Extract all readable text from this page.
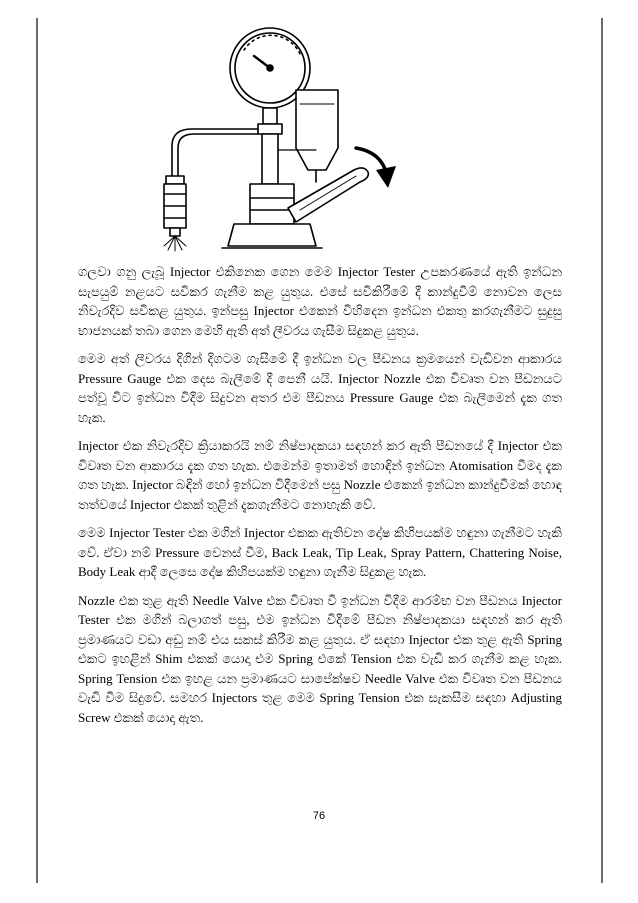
ගලවා ගනු ලැබූ Injector එකිනෙක ගෙන මෙම Injector Tester උපකරණයේ ඇති ඉන්ධන සැපයුම් නළයට සවිකර ගැනීම කළ යුතුය. එසේ සවිකිරීමේ දී කාන්දුවීම් නොවන ලෙස නිවැරදිව සවිකළ යුතුය. ඉන්පසු Injector එකෙන් විහිදෙන ඉන්ධන එකතු කරගැනීමට සුදුසු භාජනයක් තබා ගෙන මෙහි ඇති අත් ලීවරය ගැසීම සිදුකළ යුතුය.

මෙම අත් ලීවරය දිගින් දිගටම ගැසීමේ දී ඉන්ධන වල පීඩනය ක්‍රමයෙන් වැඩිවන ආකාරය Pressure Gauge එක දෙස බැලීමේ දී පෙනී යයි. Injector Nozzle එක විවෘත වන පීඩනයට පත්වූ විට ඉන්ධන විදීම සිදුවන අතර එම පීඩනය Pressure Gauge එක බැලීමෙන් දැක ගත හැක.

Injector එක නිවැරදිව ක්‍රියාකරයි නම් නිෂ්පාදකයා සඳහන් කර ඇති පීඩනයේ දී Injector එක විවෘත වන ආකාරය දැක ගත හැක. එමෙන්ම ඉතාමත් හොඳින් ඉන්ධන Atomisation වීමද දැක ගත හැක. Injector බඳින් හෝ ඉන්ධන විදීමෙන් පසු Nozzle එකෙන් ඉන්ධන කාන්දුවීමක් හොඳ තත්වයේ Injector එකක් තුළින් දැකගැනීමට නොහැකි වේ.

මෙම Injector Tester එක මගින් Injector එකක ඇතිවන දෝෂ කිහිපයක්ම හඳුනා ගැනීමට හැකි වේ. ඒවා නම් Pressure වෙනස් වීම, Back Leak, Tip Leak, Spray Pattern, Chattering Noise, Body Leak ආදී ලෙසෙ දෝෂ කිහිපයක්ම හඳුනා ගැනීම සිදුකළ හැක.

Nozzle එක තුළ ඇති Needle Valve එක විවෘත වී ඉන්ධන විදීම ආරම්භ වන පීඩනය Injector Tester එක මගින් බලාගත් පසු, එම ඉන්ධන විදීමේ පීඩන නිෂ්පාදකයා සඳහන් කර ඇති ප්‍රමාණයට වඩා අඩු නම් එය සකස් කිරීම කළ යුතුය. ඒ සඳහා Injector එක තුළ ඇති Spring එකට ඉහළින් Shim එකක් යොදා එම Spring එකේ Tension එක වැඩි කර ගැනීම කළ හැක. Spring Tension එක ඉහළ යන ප්‍රමාණයට සාපේක්ෂව Needle Valve එක විවෘත වන පීඩනය වැඩි වීම සිදුවේ. සමහර Injectors තුළ මෙම Spring Tension එක සැකසීම සඳහා Adjusting Screw එකක් යොදා ඇත.

76
